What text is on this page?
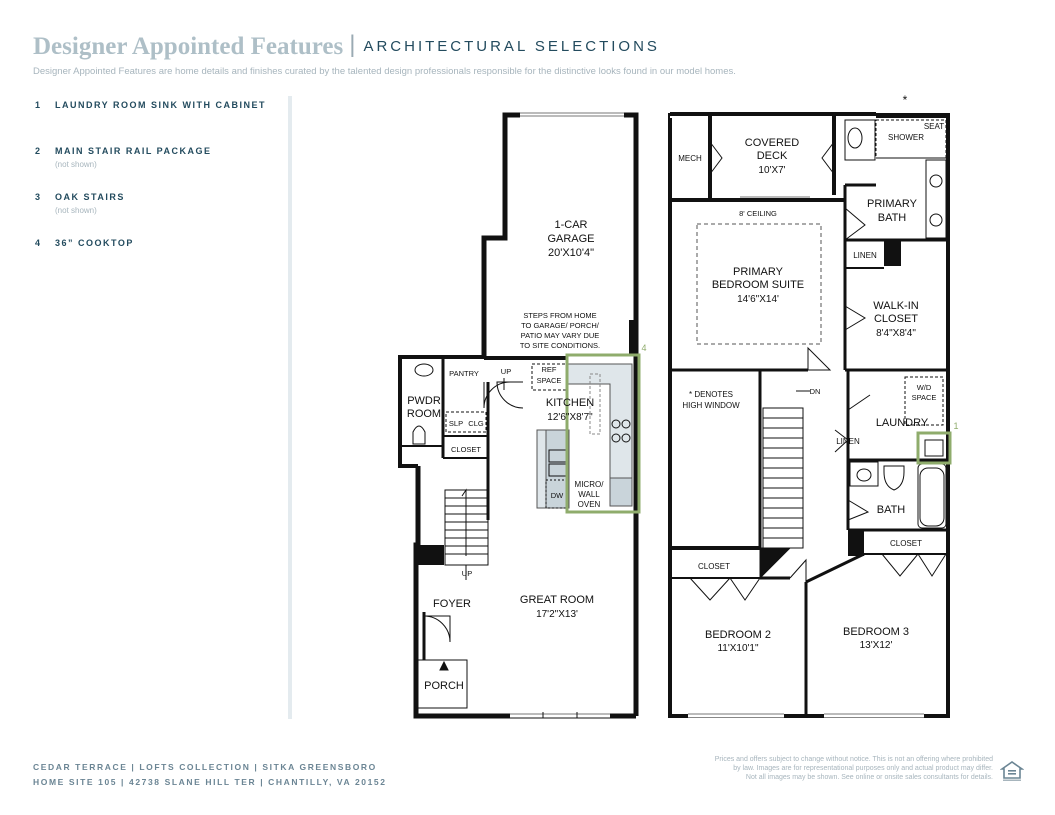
Designer Appointed Features | ARCHITECTURAL SELECTIONS
Designer Appointed Features are home details and finishes curated by the talented design professionals responsible for the distinctive looks found in our model homes.
1 LAUNDRY ROOM SINK WITH CABINET
2 MAIN STAIR RAIL PACKAGE
(not shown)
3 OAK STAIRS
(not shown)
4 36” COOKTOP
1-CAR
GARAGE
20'X10'4"
STEPS FROM HOME
TO GARAGE/ PORCH/
PATIO MAY VARY DUE
TO SITE CONDITIONS.
PANTRY	UP	REF
SPACE
KITCHEN
12'6"X8'7"
PWDR
ROOM
SLP CLG
CLOSET
DW
MICRO/
WALL
OVEN
UP
FOYER	GREAT ROOM
17'2"X13'
PORCH
4
*
MECH
COVERED
DECK
10'X7'
SHOWER
SEAT
PRIMARY
BATH
8' CEILING
PRIMARY
BEDROOM SUITE
14'6"X14'
LINEN
WALK-IN
CLOSET
8'4"X8'4"
DN
* DENOTES
HIGH WINDOW
W/D
SPACE
LAUNDRY
LINEN
BATH
CLOSET
CLOSET
BEDROOM 2
11'X10'1"
BEDROOM 3
13'X12'
1
CEDAR TERRACE | LOFTS COLLECTION | SITKA GREENSBORO
HOME SITE 105 | 42738 SLANE HILL TER | CHANTILLY, VA 20152
Prices and offers subject to change without notice. This is not an offering where prohibited
by law. Images are for representational purposes only and actual product may differ.
Not all images may be shown. See online or onsite sales consultants for details.
